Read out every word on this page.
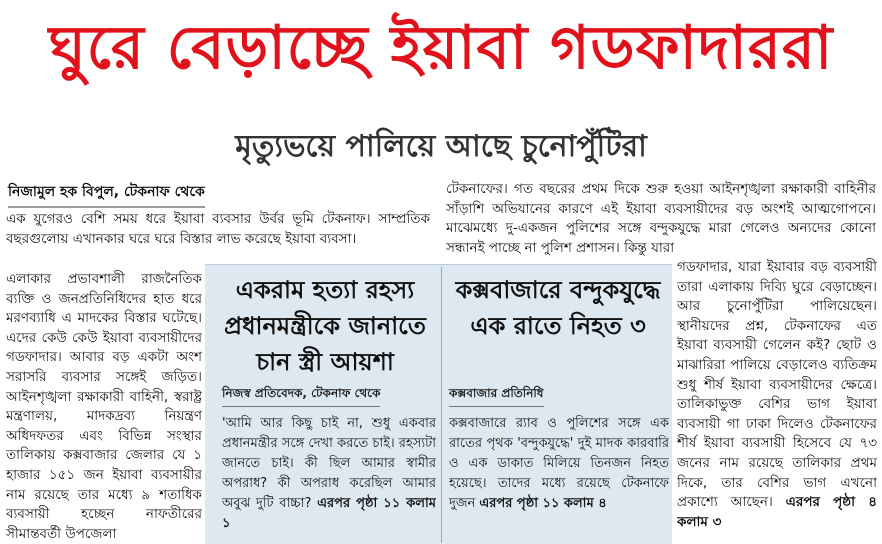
ঘুরে বেড়াচ্ছে ইয়াবা গডফাদাররা
মৃত্যুভয়ে পালিয়ে আছে চুনোপুঁটিরা
নিজামুল হক বিপুল, টেকনাফ থেকে
এক যুগেরও বেশি সময় ধরে ইয়াবা ব্যবসার উর্বর ভূমি টেকনাফ। সাম্প্রতিক বছরগুলোয় এখানকার ঘরে ঘরে বিস্তার লাভ করেছে ইয়াবা ব্যবসা।
এলাকার প্রভাবশালী রাজনৈতিক ব্যক্তি ও জনপ্রতিনিধিদের হাত ধরে মরণব্যাধি এ মাদকের বিস্তার ঘটেছে। এদের কেউ কেউ ইয়াবা ব্যবসায়ীদের গডফাদার। আবার বড় একটা অংশ সরাসরি ব্যবসার সঙ্গেই জড়িত। আইনশৃঙ্খলা রক্ষাকারী বাহিনী, স্বরাষ্ট্র মন্ত্রণালয়, মাদকদ্রব্য নিয়ন্ত্রণ অধিদফতর এবং বিভিন্ন সংস্থার তালিকায় কক্সবাজার জেলার যে ১ হাজার ১৫১ জন ইয়াবা ব্যবসায়ীর নাম রয়েছে তার মধ্যে ৯ শতাধিক ব্যবসায়ী হচ্ছেন নাফতীরের সীমান্তবর্তী উপজেলা
টেকনাফের। গত বছরের প্রথম দিকে শুরু হওয়া আইনশৃঙ্খলা রক্ষাকারী বাহিনীর সাঁড়াশি অভিযানের কারণে এই ইয়াবা ব্যবসায়ীদের বড় অংশই আত্মগোপনে। মাঝেমধ্যে দু-একজন পুলিশের সঙ্গে বন্দুকযুদ্ধে মারা গেলেও অন্যদের কোনো সন্ধানই পাচ্ছে না পুলিশ প্রশাসন। কিন্তু যারা
গডফাদার, যারা ইয়াবার বড় ব্যবসায়ী তারা এলাকায় দিব্যি ঘুরে বেড়াচ্ছেন। আর চুনোপুঁটিরা পালিয়েছেন। স্থানীয়দের প্রশ্ন, টেকনাফের এত ইয়াবা ব্যবসায়ী গেলেন কই? ছোট ও মাঝারিরা পালিয়ে বেড়ালেও ব্যতিক্রম শুধু শীর্ষ ইয়াবা ব্যবসায়ীদের ক্ষেত্রে। তালিকাভুক্ত বেশির ভাগ ইয়াবা ব্যবসায়ী গা ঢাকা দিলেও টেকনাফের শীর্ষ ইয়াবা ব্যবসায়ী হিসেবে যে ৭৩ জনের নাম রয়েছে তালিকার প্রথম দিকে, তার বেশির ভাগ এখনো প্রকাশ্যে আছেন। এরপর পৃষ্ঠা ৪ কলাম ৩
একরাম হত্যা রহস্য প্রধানমন্ত্রীকে জানাতে চান স্ত্রী আয়শা
নিজস্ব প্রতিবেদক, টেকনাফ থেকে
'আমি আর কিছু চাই না, শুধু একবার প্রধানমন্ত্রীর সঙ্গে দেখা করতে চাই। রহস্যটা জানতে চাই। কী ছিল আমার স্বামীর অপরাধ? কী অপরাধ করেছিল আমার অবুঝ দুটি বাচ্চা? এরপর পৃষ্ঠা ১১ কলাম ১
কক্সবাজারে বন্দুকযুদ্ধে এক রাতে নিহত ৩
কক্সবাজার প্রতিনিধি
কক্সবাজারে র‌্যাব ও পুলিশের সঙ্গে এক রাতের পৃথক 'বন্দুকযুদ্ধে' দুই মাদক কারবারি ও এক ডাকাত মিলিয়ে তিনজন নিহত হয়েছে। তাদের মধ্যে রয়েছে টেকনাফে দুজন এরপর পৃষ্ঠা ১১ কলাম ৪
